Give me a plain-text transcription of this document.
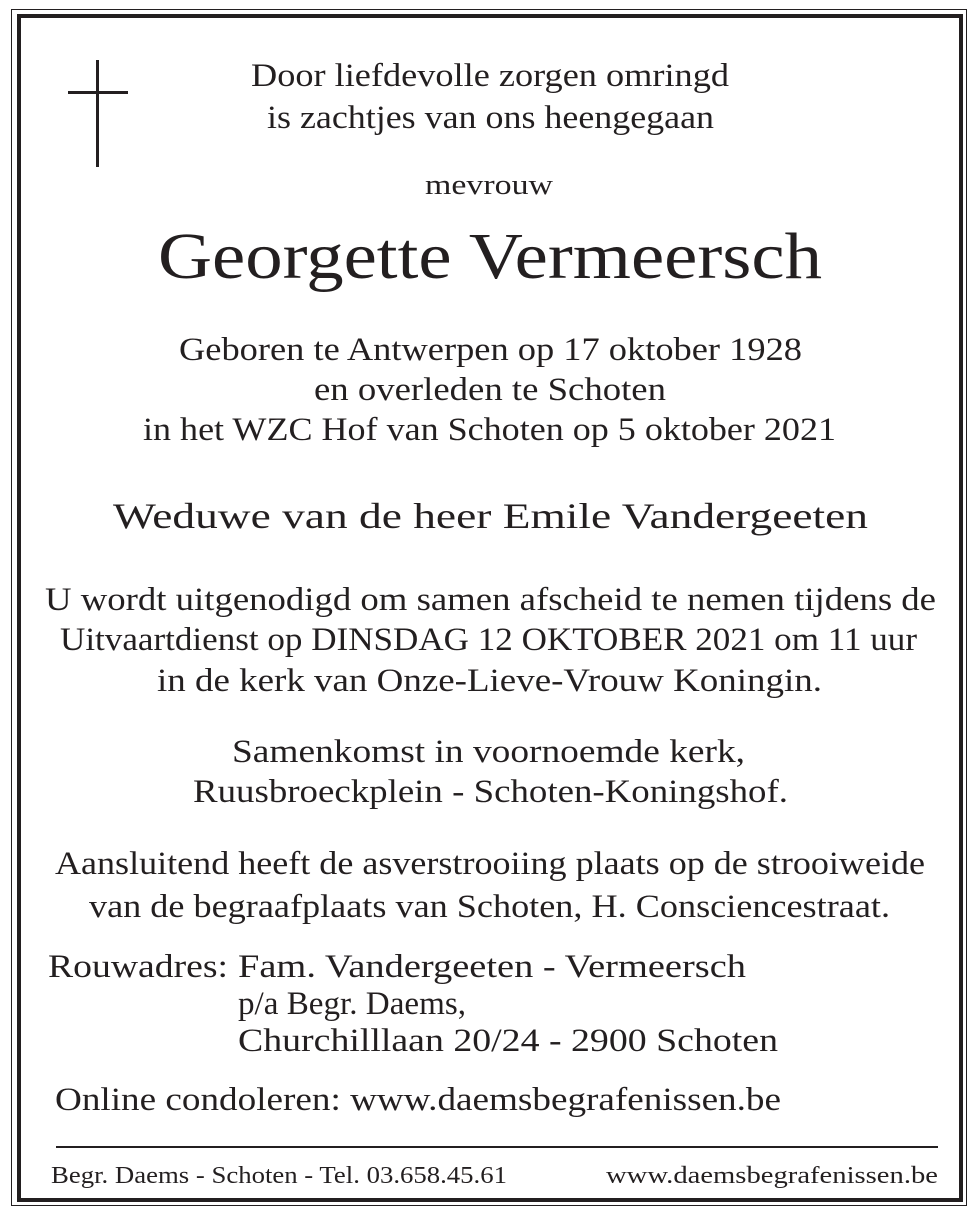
Door liefdevolle zorgen omringd
is zachtjes van ons heengegaan
mevrouw
Georgette Vermeersch
Geboren te Antwerpen op 17 oktober 1928
en overleden te Schoten
in het WZC Hof van Schoten op 5 oktober 2021
Weduwe van de heer Emile Vandergeeten
U wordt uitgenodigd om samen afscheid te nemen tijdens de
Uitvaartdienst op DINSDAG 12 OKTOBER 2021 om 11 uur
in de kerk van Onze-Lieve-Vrouw Koningin.
Samenkomst in voornoemde kerk,
Ruusbroeckplein - Schoten-Koningshof.
Aansluitend heeft de asverstrooiing plaats op de strooiweide
van de begraafplaats van Schoten, H. Consciencestraat.
Rouwadres: Fam. Vandergeeten - Vermeersch
p/a Begr. Daems,
Churchilllaan 20/24 - 2900 Schoten
Online condoleren: www.daemsbegrafenissen.be
Begr. Daems - Schoten - Tel. 03.658.45.61	www.daemsbegrafenissen.be
